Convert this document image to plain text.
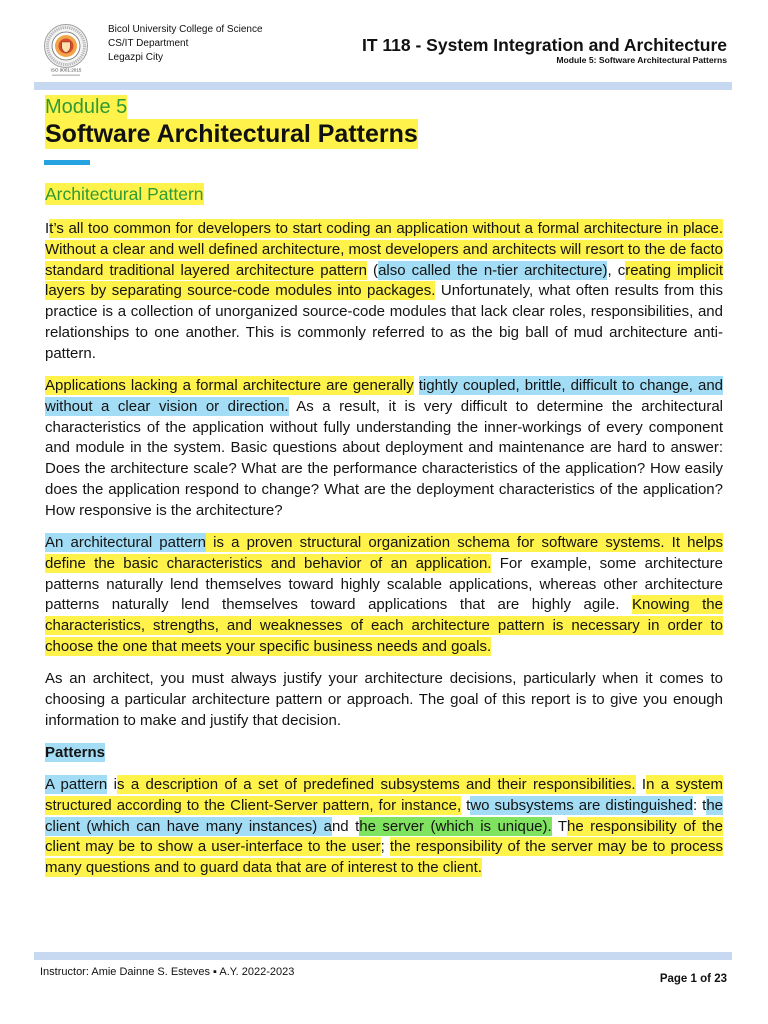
ISO 9001:2015
Bicol University College of Science
CS/IT Department
Legazpi City
IT 118 - System Integration and Architecture
Module 5: Software Architectural Patterns
Module 5
Software Architectural Patterns
Architectural Pattern

It’s all too common for developers to start coding an application without a formal architecture in place. Without a clear and well defined architecture, most developers and architects will resort to the de facto standard traditional layered architecture pattern (also called the n-tier architecture), creating implicit layers by separating source-code modules into packages. Unfortunately, what often results from this practice is a collection of unorganized source-code modules that lack clear roles, responsibilities, and relationships to one another. This is commonly referred to as the big ball of mud architecture anti-pattern.

Applications lacking a formal architecture are generally tightly coupled, brittle, difficult to change, and without a clear vision or direction. As a result, it is very difficult to determine the architectural characteristics of the application without fully understanding the inner-workings of every component and module in the system. Basic questions about deployment and maintenance are hard to answer: Does the architecture scale? What are the performance characteristics of the application? How easily does the application respond to change? What are the deployment characteristics of the application? How responsive is the architecture?

An architectural pattern is a proven structural organization schema for software systems. It helps define the basic characteristics and behavior of an application. For example, some architecture patterns naturally lend themselves toward highly scalable applications, whereas other architecture patterns naturally lend themselves toward applications that are highly agile. Knowing the characteristics, strengths, and weaknesses of each architecture pattern is necessary in order to choose the one that meets your specific business needs and goals.

As an architect, you must always justify your architecture decisions, particularly when it comes to choosing a particular architecture pattern or approach. The goal of this report is to give you enough information to make and justify that decision.

Patterns

A pattern is a description of a set of predefined subsystems and their responsibilities. In a system structured according to the Client-Server pattern, for instance, two subsystems are distinguished: the client (which can have many instances) and the server (which is unique). The responsibility of the client may be to show a user-interface to the user; the responsibility of the server may be to process many questions and to guard data that are of interest to the client.

Instructor: Amie Dainne S. Esteves ▪ A.Y. 2022-2023
Page 1 of 23
